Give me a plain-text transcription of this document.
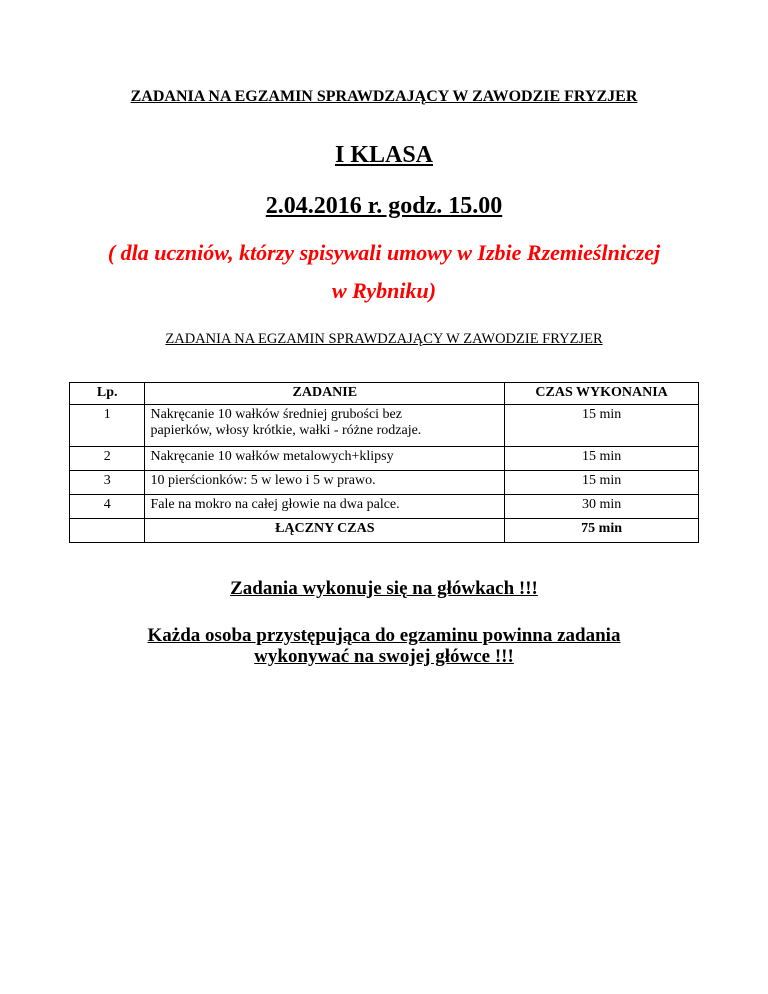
ZADANIA NA EGZAMIN SPRAWDZAJĄCY W ZAWODZIE FRYZJER
I KLASA
2.04.2016 r. godz. 15.00
( dla uczniów, którzy spisywali umowy w Izbie Rzemieślniczej
w Rybniku)
ZADANIA NA EGZAMIN SPRAWDZAJĄCY W ZAWODZIE FRYZJER
Lp.	ZADANIE	CZAS WYKONANIA
1	Nakręcanie 10 wałków średniej grubości bez
papierków, włosy krótkie, wałki - różne rodzaje.	15 min
2	Nakręcanie 10 wałków metalowych+klipsy	15 min
3	10 pierścionków: 5 w lewo i 5 w prawo.	15 min
4	Fale na mokro na całej głowie na dwa palce.	30 min
	ŁĄCZNY CZAS	75 min
Zadania wykonuje się na główkach !!!
Każda osoba przystępująca do egzaminu powinna zadania
wykonywać na swojej główce !!!
